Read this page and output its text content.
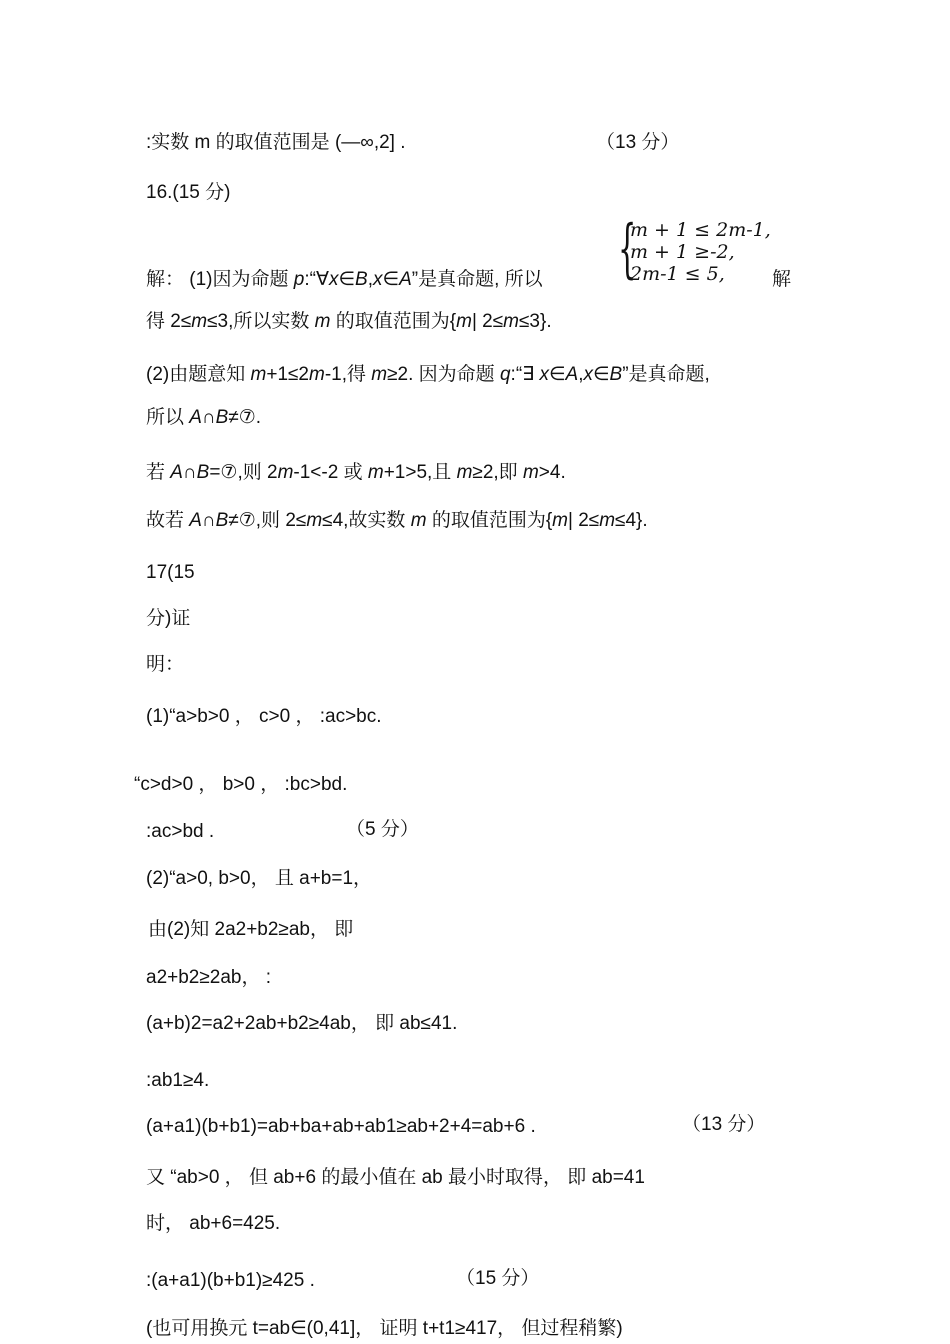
:实数 m 的取值范围是 (—∞,2] .	（13 分）
16.(15 分)
解： (1)因为命题 p:“∀x∈B,x∈A”是真命题, 所以 {
m + 1 ≤ 2m-1,
m + 1 ≥-2,
2m-1 ≤ 5, 解
得 2≤m≤3,所以实数 m 的取值范围为{m| 2≤m≤3}.
(2)由题意知 m+1≤2m-1,得 m≥2. 因为命题 q:“∃ x∈A,x∈B”是真命题,
所以 A∩B≠⑦.
若 A∩B=⑦,则 2m-1<-2 或 m+1>5,且 m≥2,即 m>4.
故若 A∩B≠⑦,则 2≤m≤4,故实数 m 的取值范围为{m| 2≤m≤4}.
17(15
分)证
明：
(1)“a>b>0 ， c>0 ， :ac>bc.
“c>d>0 ， b>0 ， :bc>bd.
:ac>bd .	（5 分）
(2)“a>0, b>0， 且 a+b=1，
由(2)知 2a2+b2≥ab， 即
a2+b2≥2ab， :
(a+b)2=a2+2ab+b2≥4ab， 即 ab≤41.
:ab1≥4.
(a+a1)(b+b1)=ab+ba+ab+ab1≥ab+2+4=ab+6 .	（13 分）
又 “ab>0 ， 但 ab+6 的最小值在 ab 最小时取得， 即 ab=41
时， ab+6=425.
:(a+a1)(b+b1)≥425 .	（15 分）
(也可用换元 t=ab∈(0,41]， 证明 t+t1≥417， 但过程稍繁)
